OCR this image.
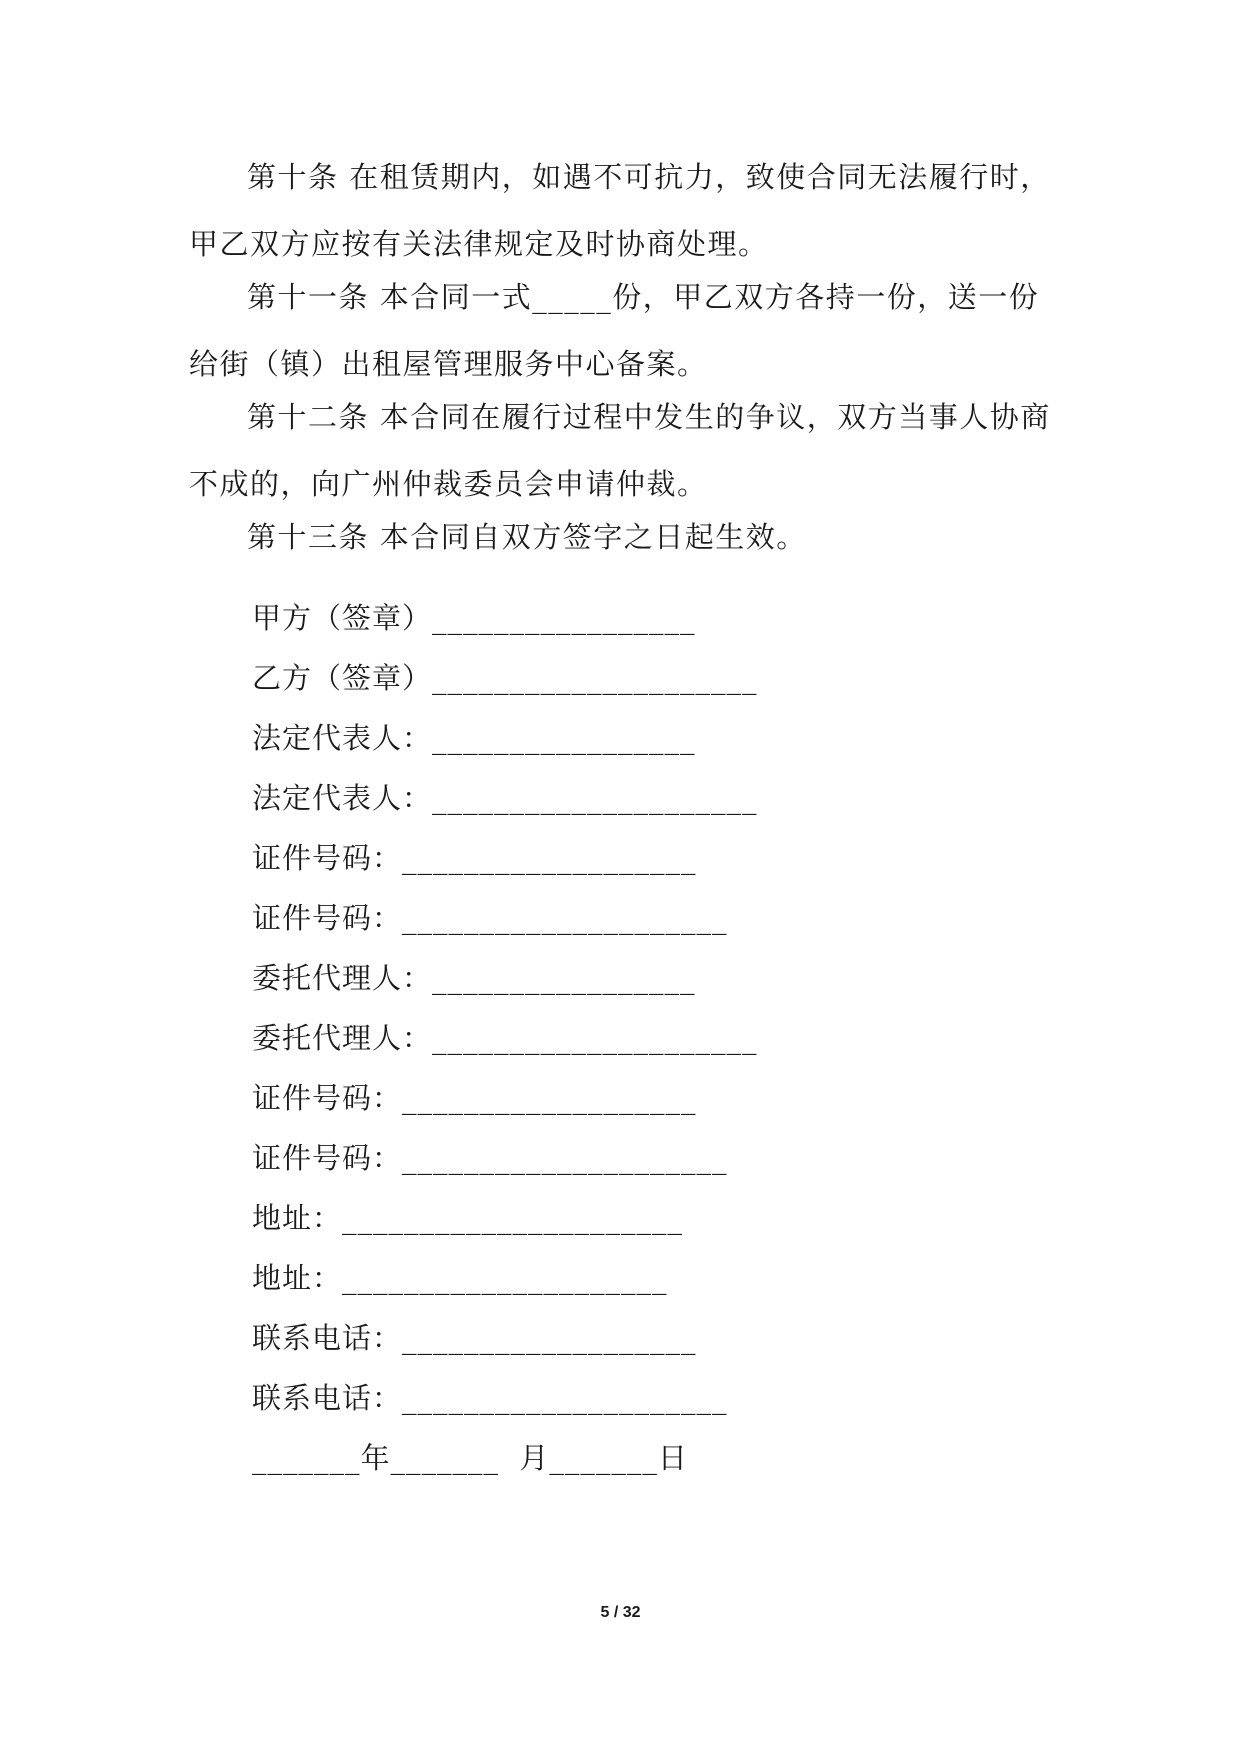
第十条 在租赁期内，如遇不可抗力，致使合同无法履行时，甲乙双方应按有关法律规定及时协商处理。

第十一条 本合同一式_____份，甲乙双方各持一份，送一份给街（镇）出租屋管理服务中心备案。

第十二条 本合同在履行过程中发生的争议，双方当事人协商不成的，向广州仲裁委员会申请仲裁。

第十三条 本合同自双方签字之日起生效。

甲方（签章）_________________

乙方（签章）_____________________

法定代表人：_________________

法定代表人：_____________________

证件号码：___________________

证件号码：_____________________

委托代理人：_________________

委托代理人：_____________________

证件号码：___________________

证件号码：_____________________

地址：______________________

地址：_____________________

联系电话：___________________

联系电话：_____________________

_______年_______  月_______日

5 / 32
